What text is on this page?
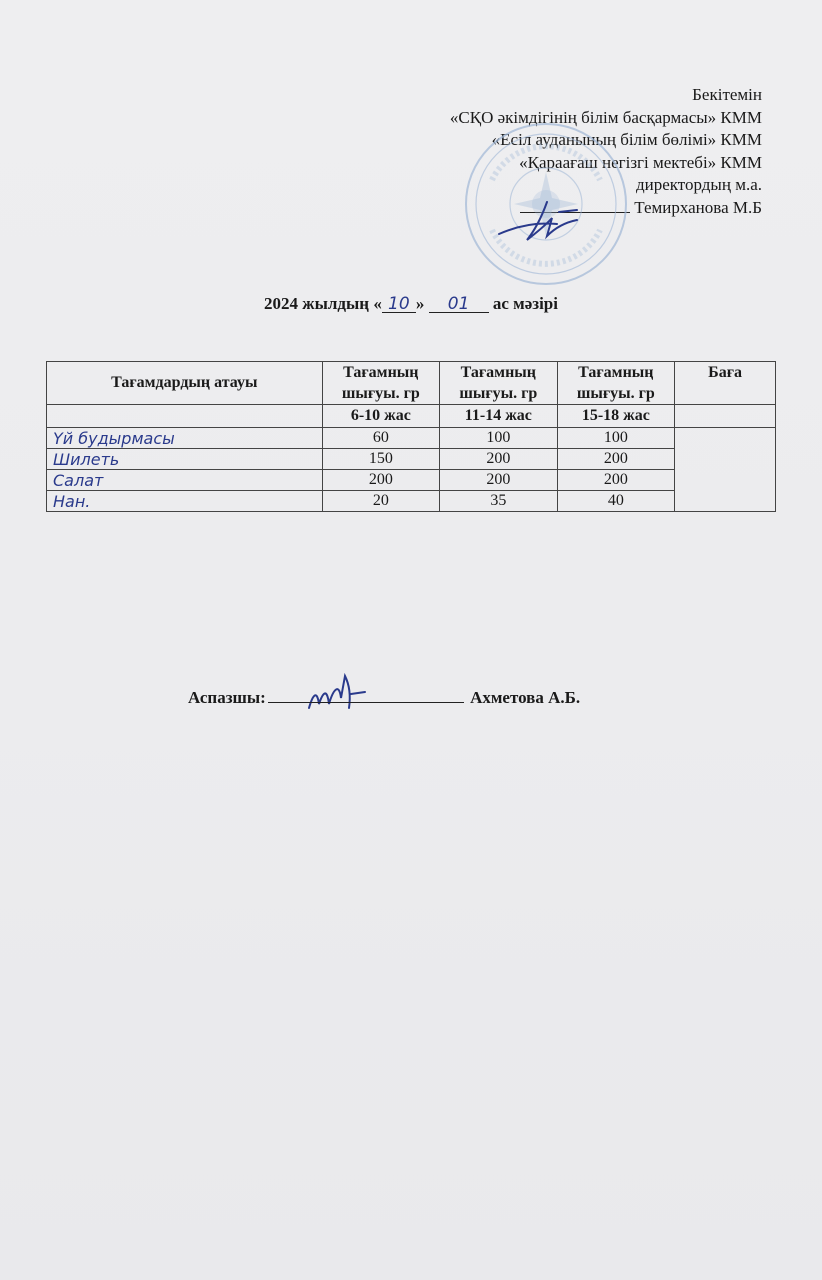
Бекітемін
«СҚО әкімдігінің білім басқармасы» КММ
«Есіл ауданының білім бөлімі» КММ
«Қараағаш негізгі мектебі» КММ
директордың м.а.
Темирханова М.Б
2024 жылдың « 10 » 01 ас мәзірі
Тағамдардың атауы	Тағамның шығуы. гр	Тағамның шығуы. гр	Тағамның шығуы. гр	Баға
	6-10 жас	11-14 жас	15-18 жас	
Үй будырмасы	60	100	100	
Шилеть	150	200	200	
Салат	200	200	200	
Нан.	20	35	40	
Аспазшы:	Ахметова А.Б.
